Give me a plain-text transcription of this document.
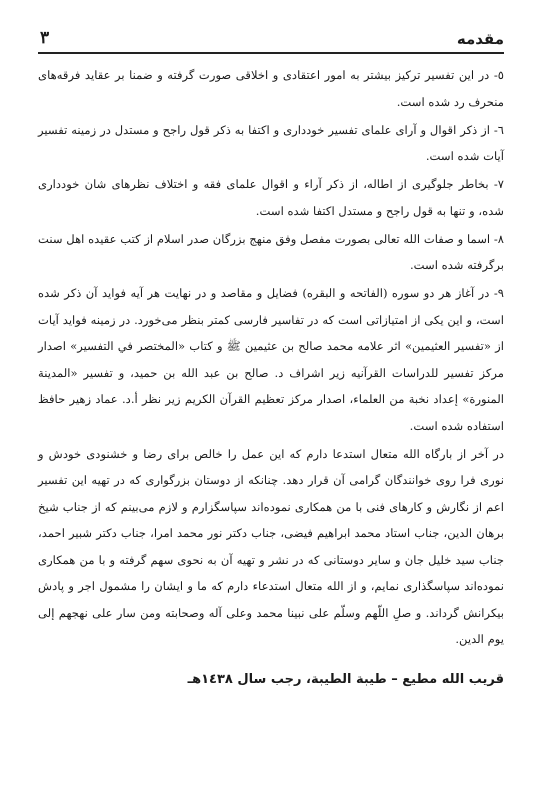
مقدمه
٣

٥- در این تفسیر ترکیز بیشتر به امور اعتقادی و اخلاقی صورت گرفته و ضمنا بر عقاید فرقه‌های منحرف رد شده است.

٦- از ذکر اقوال و آرای علمای تفسیر خودداری و اکتفا به ذکر قول راجح و مستدل در زمینه تفسیر آیات شده است.

٧- بخاطر جلوگیری از اطاله، از ذکر آراء و اقوال علمای فقه و اختلاف نظرهای شان خودداری شده، و تنها به قول راجح و مستدل اکتفا شده است.

٨- اسما و صفات الله تعالى بصورت مفصل وفق منهج بزرگان صدر اسلام از کتب عقیده اهل سنت برگرفته شده است.

٩- در آغاز هر دو سوره (الفاتحه و البقره) فضایل و مقاصد و در نهایت هر آیه فواید آن ذکر شده است، و این یکی از امتیازاتی است که در تفاسیر فارسی کمتر بنظر می‌خورد. در زمینه فواید آیات از «تفسیر العثیمین» اثر علامه محمد صالح بن عثیمین ﷺ و کتاب «المختصر في التفسير» اصدار مرکز تفسیر للدراسات القرآنیه زیر اشراف د. صالح بن عبد الله بن حمید، و تفسیر «المدينة المنورة» إعداد نخبة من العلماء، اصدار مرکز تعظیم القرآن الکریم زیر نظر أ.د. عماد زهیر حافظ استفاده شده است.

در آخر از بارگاه الله متعال استدعا دارم که این عمل را خالص برای رضا و خشنودی خودش و نوری فرا روی خوانندگان گرامی آن قرار دهد. چنانکه از دوستان بزرگواری که در تهیه این تفسیر اعم از نگارش و کارهای فنی با من همکاری نموده‌اند سپاسگزارم و لازم می‌بینم که از جناب شیخ برهان الدین، جناب استاد محمد ابراهیم فیضی، جناب دکتر نور محمد امرا، جناب دکتر شبیر احمد، جناب سید خلیل جان و سایر دوستانی که در نشر و تهیه آن به نحوی سهم گرفته و با من همکاری نموده‌اند سپاسگذاری نمایم، و از الله متعال استدعاء دارم که ما و ایشان را مشمول اجر و پادش بیکرانش گرداند. و صلِ اللّهم وسلّم على نبينا محمد وعلى آله وصحابته ومن سار على نهجهم إلى يوم الدين.

قریب الله مطیع – طیبة الطیبة، رجب سال ١٤٣٨هـ
